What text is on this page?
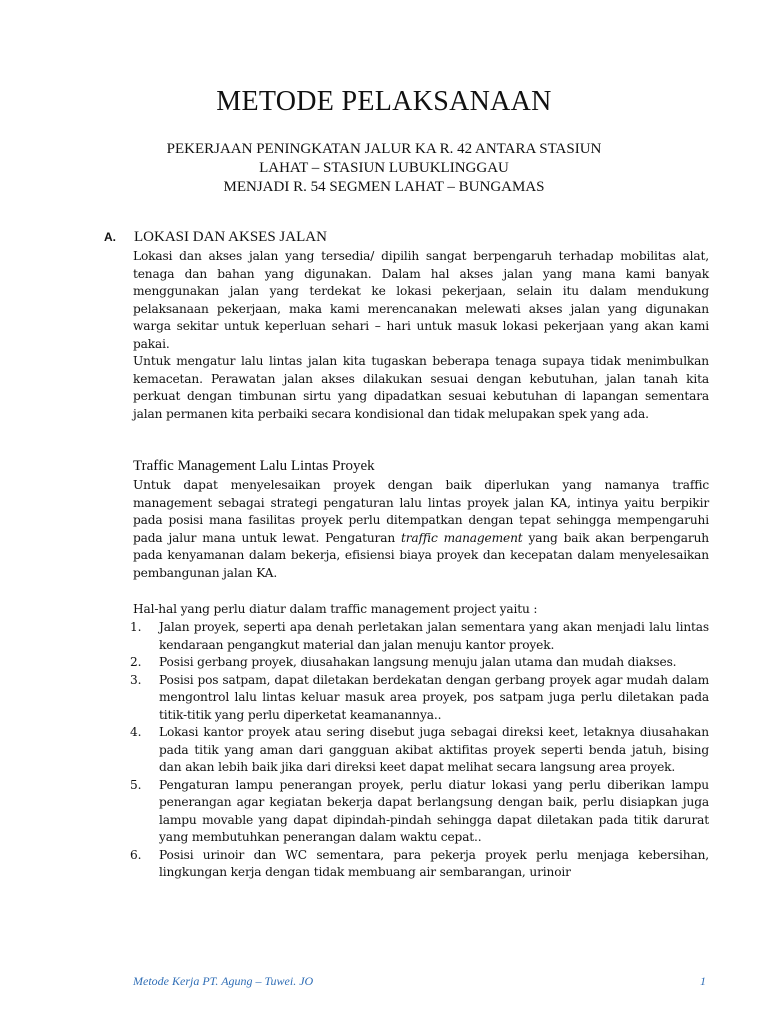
METODE PELAKSANAAN
PEKERJAAN PENINGKATAN JALUR KA R. 42 ANTARA STASIUN
LAHAT – STASIUN LUBUKLINGGAU
MENJADI R. 54 SEGMEN LAHAT – BUNGAMAS
A. LOKASI DAN AKSES JALAN
Lokasi dan akses jalan yang tersedia/ dipilih sangat berpengaruh terhadap mobilitas alat, tenaga dan bahan yang digunakan. Dalam hal akses jalan yang mana kami banyak menggunakan jalan yang terdekat ke lokasi pekerjaan, selain itu dalam mendukung pelaksanaan pekerjaan, maka kami merencanakan melewati akses jalan yang digunakan warga sekitar untuk keperluan sehari – hari untuk masuk lokasi pekerjaan yang akan kami pakai.
Untuk mengatur lalu lintas jalan kita tugaskan beberapa tenaga supaya tidak menimbulkan kemacetan. Perawatan jalan akses dilakukan sesuai dengan kebutuhan, jalan tanah kita perkuat dengan timbunan sirtu yang dipadatkan sesuai kebutuhan di lapangan sementara jalan permanen kita perbaiki secara kondisional dan tidak melupakan spek yang ada.
Traffic Management Lalu Lintas Proyek
Untuk dapat menyelesaikan proyek dengan baik diperlukan yang namanya traffic management sebagai strategi pengaturan lalu lintas proyek jalan KA, intinya yaitu berpikir pada posisi mana fasilitas proyek perlu ditempatkan dengan tepat sehingga mempengaruhi pada jalur mana untuk lewat. Pengaturan traffic management yang baik akan berpengaruh pada kenyamanan dalam bekerja, efisiensi biaya proyek dan kecepatan dalam menyelesaikan pembangunan jalan KA.
Hal-hal yang perlu diatur dalam traffic management project yaitu :
1. Jalan proyek, seperti apa denah perletakan jalan sementara yang akan menjadi lalu lintas kendaraan pengangkut material dan jalan menuju kantor proyek.
2. Posisi gerbang proyek, diusahakan langsung menuju jalan utama dan mudah diakses.
3. Posisi pos satpam, dapat diletakan berdekatan dengan gerbang proyek agar mudah dalam mengontrol lalu lintas keluar masuk area proyek, pos satpam juga perlu diletakan pada titik-titik yang perlu diperketat keamanannya..
4. Lokasi kantor proyek atau sering disebut juga sebagai direksi keet, letaknya diusahakan pada titik yang aman dari gangguan akibat aktifitas proyek seperti benda jatuh, bising dan akan lebih baik jika dari direksi keet dapat melihat secara langsung area proyek.
5. Pengaturan lampu penerangan proyek, perlu diatur lokasi yang perlu diberikan lampu penerangan agar kegiatan bekerja dapat berlangsung dengan baik, perlu disiapkan juga lampu movable yang dapat dipindah-pindah sehingga dapat diletakan pada titik darurat yang membutuhkan penerangan dalam waktu cepat..
6. Posisi urinoir dan WC sementara, para pekerja proyek perlu menjaga kebersihan, lingkungan kerja dengan tidak membuang air sembarangan, urinoir
Metode Kerja PT. Agung – Tuwei. JO	1
